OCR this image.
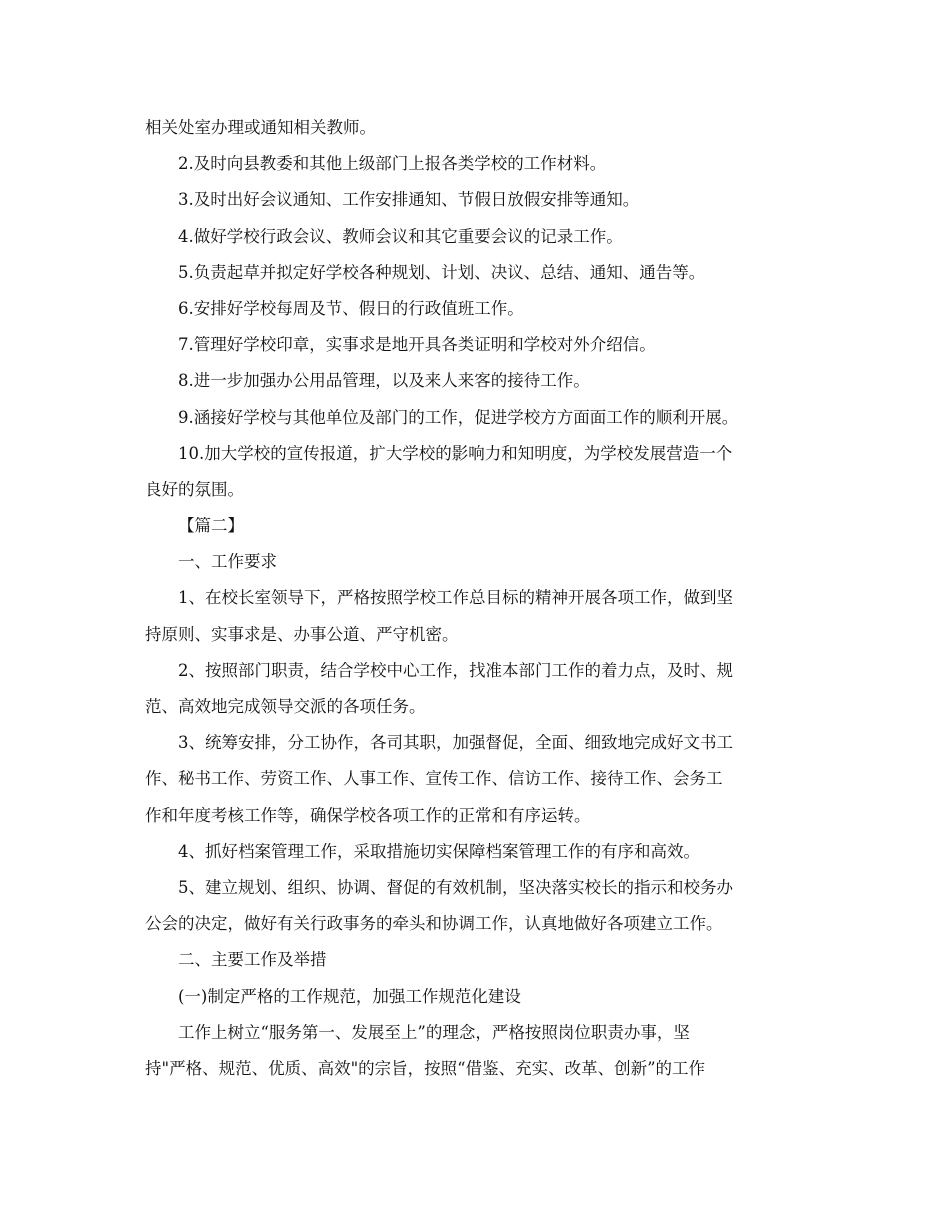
相关处室办理或通知相关教师。
2.及时向县教委和其他上级部门上报各类学校的工作材料。
3.及时出好会议通知、工作安排通知、节假日放假安排等通知。
4.做好学校行政会议、教师会议和其它重要会议的记录工作。
5.负责起草并拟定好学校各种规划、计划、决议、总结、通知、通告等。
6.安排好学校每周及节、假日的行政值班工作。
7.管理好学校印章，实事求是地开具各类证明和学校对外介绍信。
8.进一步加强办公用品管理，以及来人来客的接待工作。
9.涵接好学校与其他单位及部门的工作，促进学校方方面面工作的顺利开展。
10.加大学校的宣传报道，扩大学校的影响力和知明度，为学校发展营造一个
良好的氛围。
【篇二】
一、工作要求
1、在校长室领导下，严格按照学校工作总目标的精神开展各项工作，做到坚
持原则、实事求是、办事公道、严守机密。
2、按照部门职责，结合学校中心工作，找准本部门工作的着力点，及时、规
范、高效地完成领导交派的各项任务。
3、统筹安排，分工协作，各司其职，加强督促，全面、细致地完成好文书工
作、秘书工作、劳资工作、人事工作、宣传工作、信访工作、接待工作、会务工
作和年度考核工作等，确保学校各项工作的正常和有序运转。
4、抓好档案管理工作，采取措施切实保障档案管理工作的有序和高效。
5、建立规划、组织、协调、督促的有效机制，坚决落实校长的指示和校务办
公会的决定，做好有关行政事务的牵头和协调工作，认真地做好各项建立工作。
二、主要工作及举措
(一)制定严格的工作规范，加强工作规范化建设
工作上树立“服务第一、发展至上”的理念，严格按照岗位职责办事，坚
持"严格、规范、优质、高效"的宗旨，按照“借鉴、充实、改革、创新”的工作
